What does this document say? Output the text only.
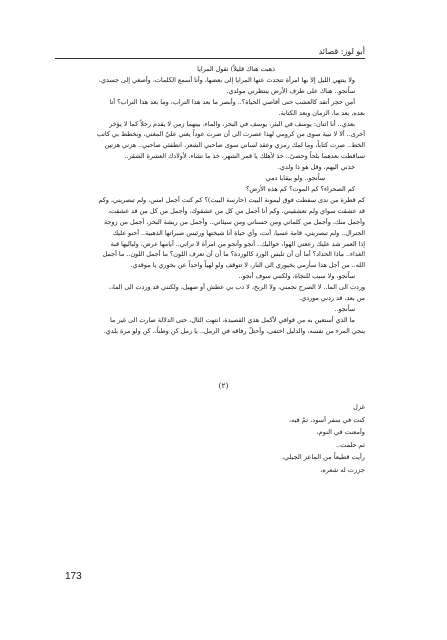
أبو لوز: قصائد

ذهبت هناك قليلاً) تقول المرايا

ولا ينتهي الليل إلا بها امرأة تتحدث عنها المرايا إلى بعضها، وأنا أسمع الكلمات، وأصغي إلى جسدي.

ساًنجو.. هناك على طرف الأرض ينتظرني مولدي.

أمن حجر أتقد كالعشب حتى أقاصي الحياة؟.. وأبصر ما بعد هذا التراب، وما بعد هذا التراب؟ أنا

بعده، بعد ما، الزمان وبعد الكتابة.

بعدي.. أنا اثنان: يوسف في البئر، يوسف في البحر، والماء، بينهما زمن لا يقدم رجلاً كما لا يؤخر

أخرى.. ألا لا نبية سوى من كرومي لهذا عصرت الى أن صرت عوداً يغني عليّ المغني، وبخطط بي كاتب

الخط.. صرت كتاباً، وما لمك رمزي وعقد لساني سوى صاحبي الشعر، انطفئي صاحبي.. هزني هزتين

تساقطت بعدهما بلحاً وحصىً.. خذ لأهلك يا قمر الشهر، خذ ما تشاء، لأولادك العشرة الشقر..

خذني اليهم، وقل هو ذا ولدي.

ساًنجو.. ولو بيقايا دمي

كم الصحراء؟ كم الموت؟ كم هذه الأرض؟

كم قطرة من ندى سقطت فوق ليمونة البيت (حارسة البيت)؟ كم كنت أجمل امس، ولم تبصريني، وكم

قد عشقت سواي ولم تعشقيني، وكم أنا أجمل من كل من عشقوك، وأجمل من كل من قد عشقت،

وأجمل منك، وأجمل من كلماتي ومن حسناتي ومن سيئاتي.. وأجمل من ريشة البحر، أجمل من زوجة

الجنرال.. ولم تبصريني، قامة غسيا، أنت، وأي حياة أنا شيختها ورئيس صبراتها الذهبية.. أحنو عليك

إذا العمر شد عليك رعغتي الهوا، حواليك.. أنجو وأنجو من امرأة لا تراني.. أيامها عرض، ولياليها قبة

الغداء.. ماذا الحداد؟ أما أن أن تلبس الورد كالوردة؟ ما أن أن تعرف اللون؟ ما أجمل اللون.. ما أجمل

الله.. من أجل هذا سأرمي بخيوري الى النار، لا تتوقف ولو لهياً واحداً عن بخوري يا موقدي.

ساًنجو، ولا سبب للنجاة، ولكنني سوف أنجو..

وردت الى الما.. لا الصرح نجمني، ولا الربح، لا دب بي عطش أو صهيل، ولكنني قد وردت الى الما،،

من بعد، قد ردني موردي.

سأنجو..

ما الذي أستعين به من قوافي لأكمل هذي القصيدة، انتهت الثال، حتى الدلالة صارت الى غير ما

ينجي المرء من نفسه، والدليل اختفى، وأحتلّ رفاقه في الرمل.. يا رمل كن وطناً.. كن ولو مرة بلدي.

(٢)

غزل

كنت في سفر أسود، ثمّ فيه،

وأمعنت في النوم،

ثم حلمت..

رأيت قطيعاً من الماعز الجبلي،

جززت له شعره،

173
